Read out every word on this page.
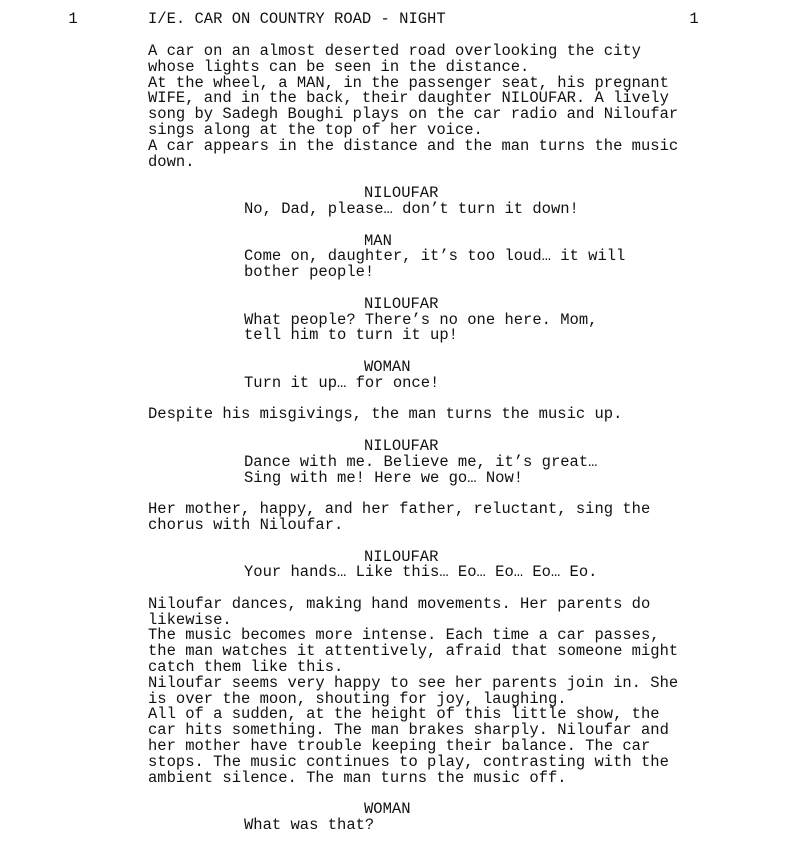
1	1
I/E. CAR ON COUNTRY ROAD - NIGHT
A car on an almost deserted road overlooking the city
whose lights can be seen in the distance.
At the wheel, a MAN, in the passenger seat, his pregnant
WIFE, and in the back, their daughter NILOUFAR. A lively
song by Sadegh Boughi plays on the car radio and Niloufar
sings along at the top of her voice.
A car appears in the distance and the man turns the music
down.
NILOUFAR
No, Dad, please… don’t turn it down!
MAN
Come on, daughter, it’s too loud… it will
bother people!
NILOUFAR
What people? There’s no one here. Mom,
tell him to turn it up!
WOMAN
Turn it up… for once!
Despite his misgivings, the man turns the music up.
NILOUFAR
Dance with me. Believe me, it’s great…
Sing with me! Here we go… Now!
Her mother, happy, and her father, reluctant, sing the
chorus with Niloufar.
NILOUFAR
Your hands… Like this… Eo… Eo… Eo… Eo.
Niloufar dances, making hand movements. Her parents do
likewise.
The music becomes more intense. Each time a car passes,
the man watches it attentively, afraid that someone might
catch them like this.
Niloufar seems very happy to see her parents join in. She
is over the moon, shouting for joy, laughing.
All of a sudden, at the height of this little show, the
car hits something. The man brakes sharply. Niloufar and
her mother have trouble keeping their balance. The car
stops. The music continues to play, contrasting with the
ambient silence. The man turns the music off.
WOMAN
What was that?
